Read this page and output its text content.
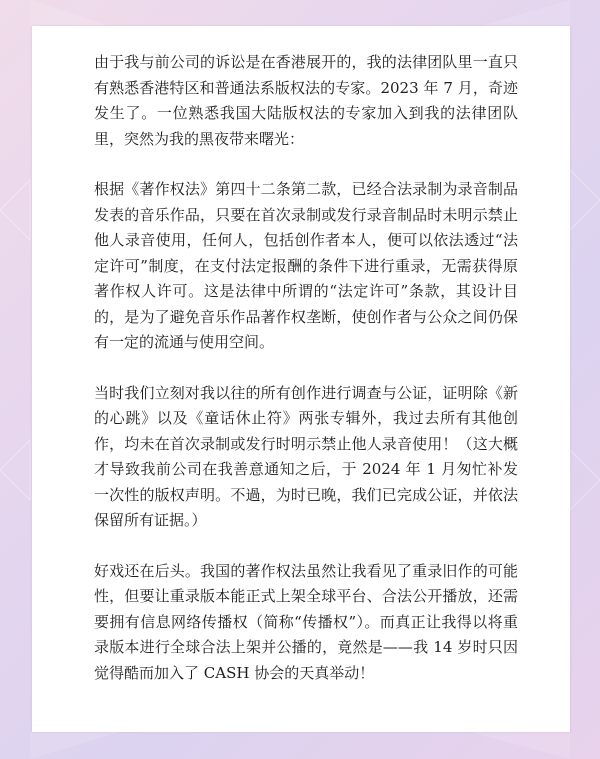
由于我与前公司的诉讼是在香港展开的，我的法律团队里一直只有熟悉香港特区和普通法系版权法的专家。2023 年 7 月，奇迹发生了。一位熟悉我国大陆版权法的专家加入到我的法律团队里，突然为我的黑夜带来曙光：

根据《著作权法》第四十二条第二款，已经合法录制为录音制品发表的音乐作品，只要在首次录制或发行录音制品时未明示禁止他人录音使用，任何人，包括创作者本人，便可以依法透过“法定许可”制度，在支付法定报酬的条件下进行重录，无需获得原著作权人许可。这是法律中所谓的“法定许可”条款，其设计目的，是为了避免音乐作品著作权垄断，使创作者与公众之间仍保有一定的流通与使用空间。

当时我们立刻对我以往的所有创作进行调查与公证，证明除《新的心跳》以及《童话休止符》两张专辑外，我过去所有其他创作，均未在首次录制或发行时明示禁止他人录音使用！（这大概才导致我前公司在我善意通知之后，于 2024 年 1 月匆忙补发一次性的版权声明。不過，为时已晚，我们已完成公证，并依法保留所有证据。）

好戏还在后头。我国的著作权法虽然让我看见了重录旧作的可能性，但要让重录版本能正式上架全球平台、合法公开播放，还需要拥有信息网络传播权（简称“传播权”）。而真正让我得以将重录版本进行全球合法上架并公播的，竟然是——我 14 岁时只因觉得酷而加入了 CASH 协会的天真举动！
